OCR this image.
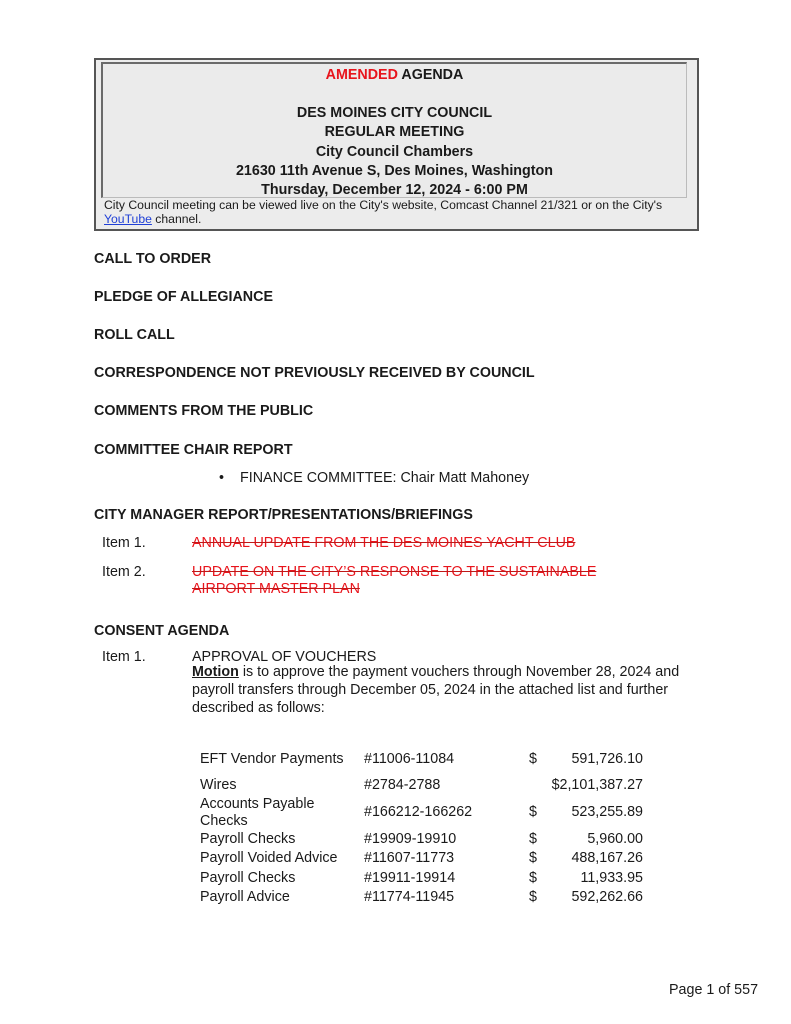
AMENDED AGENDA
DES MOINES CITY COUNCIL
REGULAR MEETING
City Council Chambers
21630 11th Avenue S, Des Moines, Washington
Thursday, December 12, 2024 - 6:00 PM
City Council meeting can be viewed live on the City's website, Comcast Channel 21/321 or on the City's YouTube channel.
CALL TO ORDER
PLEDGE OF ALLEGIANCE
ROLL CALL
CORRESPONDENCE NOT PREVIOUSLY RECEIVED BY COUNCIL
COMMENTS FROM THE PUBLIC
COMMITTEE CHAIR REPORT
• FINANCE COMMITTEE: Chair Matt Mahoney
CITY MANAGER REPORT/PRESENTATIONS/BRIEFINGS
Item 1.	ANNUAL UPDATE FROM THE DES MOINES YACHT CLUB
Item 2.	UPDATE ON THE CITY’S RESPONSE TO THE SUSTAINABLE
AIRPORT MASTER PLAN
CONSENT AGENDA
Item 1.	APPROVAL OF VOUCHERS
Motion is to approve the payment vouchers through November 28, 2024 and payroll transfers through December 05, 2024 in the attached list and further described as follows:
EFT Vendor Payments	#11006-11084	$	591,726.10
Wires	#2784-2788		$2,101,387.27
Accounts Payable Checks	#166212-166262	$	523,255.89
Payroll Checks	#19909-19910	$	5,960.00
Payroll Voided Advice	#11607-11773	$	488,167.26
Payroll Checks	#19911-19914	$	11,933.95
Payroll Advice	#11774-11945	$	592,262.66
Page 1 of 557
